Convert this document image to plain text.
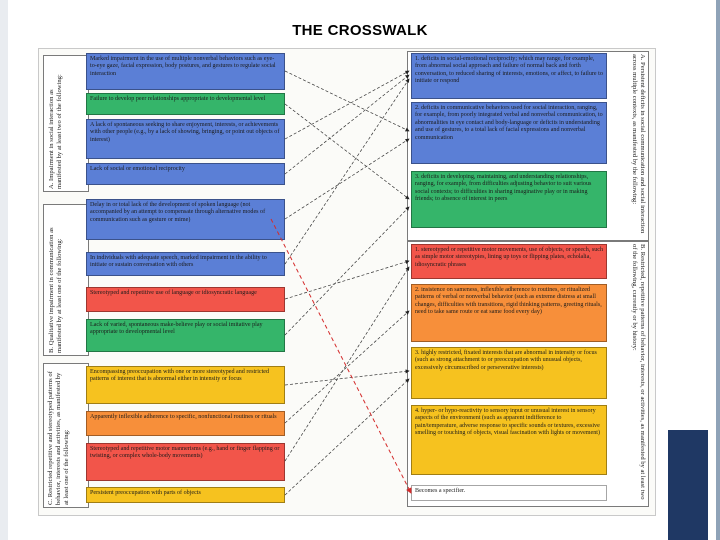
THE CROSSWALK
A. Impairment in social interaction as manifested by at least two of the following:
B. Qualitative impairment in communication as manifested by at least one of the following:
C. Restricted repetitive and stereotyped patterns of behavior, interests and activities, as manifested by at least one of the following:
Marked impairment in the use of multiple nonverbal behaviors such as eye-to-eye gaze, facial expression, body postures, and gestures to regulate social interaction
Failure to develop peer relationships appropriate to developmental level
A lack of spontaneous seeking to share enjoyment, interests, or achievements with other people (e.g., by a lack of showing, bringing, or point out objects of interest)
Lack of social or emotional reciprocity
Delay in or total lack of the development of spoken language (not accompanied by an attempt to compensate through alternative modes of communication such as gesture or mime)
In individuals with adequate speech, marked impairment in the ability to initiate or sustain conversation with others
Stereotyped and repetitive use of language or idiosyncratic language
Lack of varied, spontaneous make-believe play or social imitative play appropriate to developmental level
Encompassing preoccupation with one or more stereotyped and restricted patterns of interest that is abnormal either in intensity or focus
Apparently inflexible adherence to specific, nonfunctional routines or rituals
Stereotyped and repetitive motor mannerisms (e.g., hand or finger flapping or twisting, or complex whole-body movements)
Persistent preoccupation with parts of objects
A. Persistent deficits in social communication and social interaction across multiple contexts, as manifested by the following:
B. Restricted, repetitive patterns of behavior, interests, or activities, as manifested by at least two of the following, currently or by history:
1. deficits in social-emotional reciprocity; which may range, for example, from abnormal social approach and failure of normal back and forth conversation, to reduced sharing of interests, emotions, or affect, to failure to initiate or respond
2. deficits in communicative behaviors used for social interaction, ranging, for example, from poorly integrated verbal and nonverbal communication, to abnormalities in eye contact and body-language or deficits in understanding and use of gestures, to a total lack of facial expressions and nonverbal communication
3. deficits in developing, maintaining, and understanding relationships, ranging, for example, from difficulties adjusting behavior to suit various social contexts; to difficulties in sharing imaginative play or in making friends; to absence of interest in peers
1. stereotyped or repetitive motor movements, use of objects, or speech, such as simple motor stereotypies, lining up toys or flipping plates, echolalia, idiosyncratic phrases
2. insistence on sameness, inflexible adherence to routines, or ritualized patterns of verbal or nonverbal behavior (such as extreme distress at small changes, difficulties with transitions, rigid thinking patterns, greeting rituals, need to take same route or eat same food every day)
3. highly restricted, fixated interests that are abnormal in intensity or focus (such as strong attachment to or preoccupation with unusual objects, excessively circumscribed or perseverative interests)
4. hyper- or hypo-reactivity to sensory input or unusual interest in sensory aspects of the environment (such as apparent indifference to pain/temperature, adverse response to specific sounds or textures, excessive smelling or touching of objects, visual fascination with lights or movement)
Becomes a specifier.
